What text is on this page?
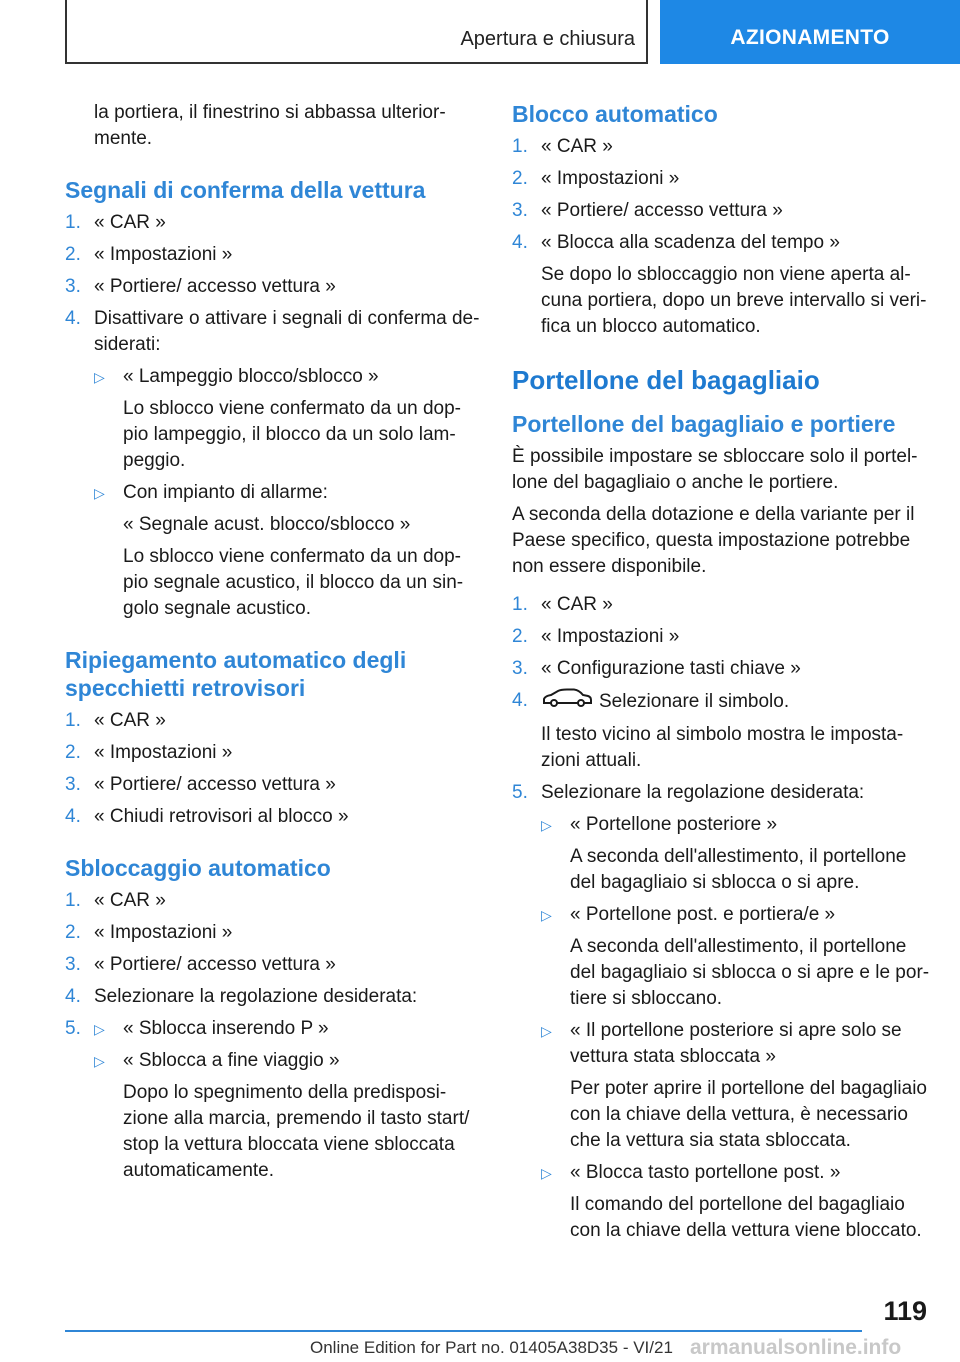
Apertura e chiusura	AZIONAMENTO

la portiera, il finestrino si abbassa ulterior-
mente.

Segnali di conferma della vettura
1. « CAR »
2. « Impostazioni »
3. « Portiere/ accesso vettura »
4. Disattivare o attivare i segnali di conferma de-
siderati:
▷ « Lampeggio blocco/sblocco »

Lo sblocco viene confermato da un dop-
pio lampeggio, il blocco da un solo lam-
peggio.

▷ Con impianto di allarme:

« Segnale acust. blocco/sblocco »

Lo sblocco viene confermato da un dop-
pio segnale acustico, il blocco da un sin-
golo segnale acustico.

Ripiegamento automatico degli
specchietti retrovisori
1. « CAR »
2. « Impostazioni »
3. « Portiere/ accesso vettura »
4. « Chiudi retrovisori al blocco »
Sbloccaggio automatico
1. « CAR »
2. « Impostazioni »
3. « Portiere/ accesso vettura »
4. Selezionare la regolazione desiderata:
5. ▷ « Sblocca inserendo P »
▷ « Sblocca a fine viaggio »

Dopo lo spegnimento della predisposi-
zione alla marcia, premendo il tasto start/
stop la vettura bloccata viene sbloccata
automaticamente.

Blocco automatico
1. « CAR »
2. « Impostazioni »
3. « Portiere/ accesso vettura »
4. « Blocca alla scadenza del tempo »

Se dopo lo sbloccaggio non viene aperta al-
cuna portiera, dopo un breve intervallo si veri-
fica un blocco automatico.

Portellone del bagagliaio
Portellone del bagagliaio e portiere

È possibile impostare se sbloccare solo il portel-
lone del bagagliaio o anche le portiere.

A seconda della dotazione e della variante per il
Paese specifico, questa impostazione potrebbe
non essere disponibile.

1. « CAR »
2. « Impostazioni »
3. « Configurazione tasti chiave »
4.	Selezionare il simbolo.

Il testo vicino al simbolo mostra le imposta-
zioni attuali.

5. Selezionare la regolazione desiderata:
▷ « Portellone posteriore »

A seconda dell'allestimento, il portellone
del bagagliaio si sblocca o si apre.

▷ « Portellone post. e portiera/e »

A seconda dell'allestimento, il portellone
del bagagliaio si sblocca o si apre e le por-
tiere si sbloccano.

▷ « Il portellone posteriore si apre solo se
vettura stata sbloccata »

Per poter aprire il portellone del bagagliaio
con la chiave della vettura, è necessario
che la vettura sia stata sbloccata.

▷ « Blocca tasto portellone post. »

Il comando del portellone del bagagliaio
con la chiave della vettura viene bloccato.

119
Online Edition for Part no. 01405A38D35 - VI/21 armanualsonline.info
